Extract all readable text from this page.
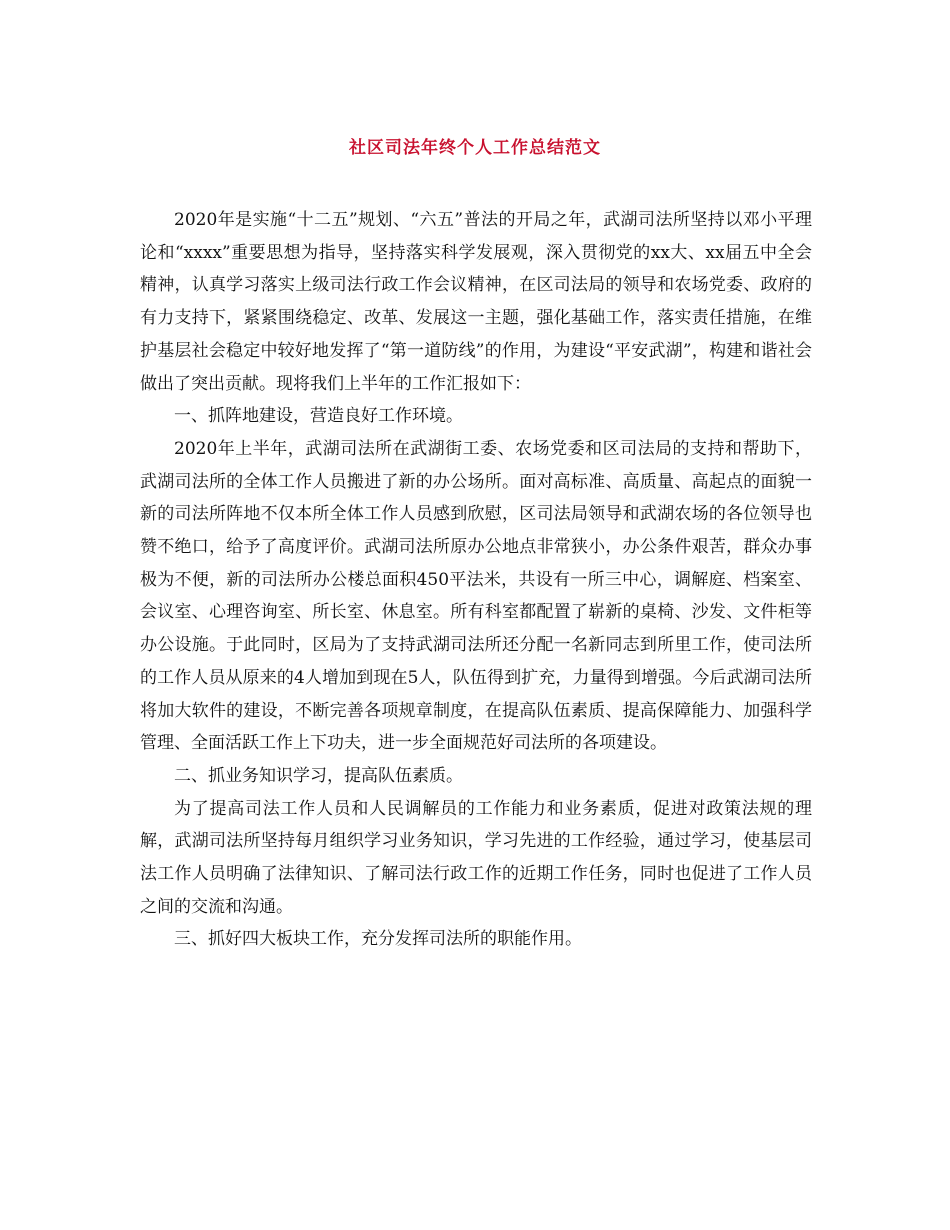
社区司法年终个人工作总结范文

2020年是实施“十二五”规划、“六五”普法的开局之年，武湖司法所坚持以邓小平理论和“xxxx”重要思想为指导，坚持落实科学发展观，深入贯彻党的xx大、xx届五中全会精神，认真学习落实上级司法行政工作会议精神，在区司法局的领导和农场党委、政府的有力支持下，紧紧围绕稳定、改革、发展这一主题，强化基础工作，落实责任措施，在维护基层社会稳定中较好地发挥了“第一道防线”的作用，为建设“平安武湖”，构建和谐社会做出了突出贡献。现将我们上半年的工作汇报如下：

一、抓阵地建设，营造良好工作环境。

2020年上半年，武湖司法所在武湖街工委、农场党委和区司法局的支持和帮助下，武湖司法所的全体工作人员搬进了新的办公场所。面对高标准、高质量、高起点的面貌一新的司法所阵地不仅本所全体工作人员感到欣慰，区司法局领导和武湖农场的各位领导也赞不绝口，给予了高度评价。武湖司法所原办公地点非常狭小，办公条件艰苦，群众办事极为不便，新的司法所办公楼总面积450平法米，共设有一所三中心，调解庭、档案室、会议室、心理咨询室、所长室、休息室。所有科室都配置了崭新的桌椅、沙发、文件柜等办公设施。于此同时，区局为了支持武湖司法所还分配一名新同志到所里工作，使司法所的工作人员从原来的4人增加到现在5人，队伍得到扩充，力量得到增强。今后武湖司法所将加大软件的建设，不断完善各项规章制度，在提高队伍素质、提高保障能力、加强科学管理、全面活跃工作上下功夫，进一步全面规范好司法所的各项建设。

二、抓业务知识学习，提高队伍素质。

为了提高司法工作人员和人民调解员的工作能力和业务素质，促进对政策法规的理解，武湖司法所坚持每月组织学习业务知识，学习先进的工作经验，通过学习，使基层司法工作人员明确了法律知识、了解司法行政工作的近期工作任务，同时也促进了工作人员之间的交流和沟通。

三、抓好四大板块工作，充分发挥司法所的职能作用。
